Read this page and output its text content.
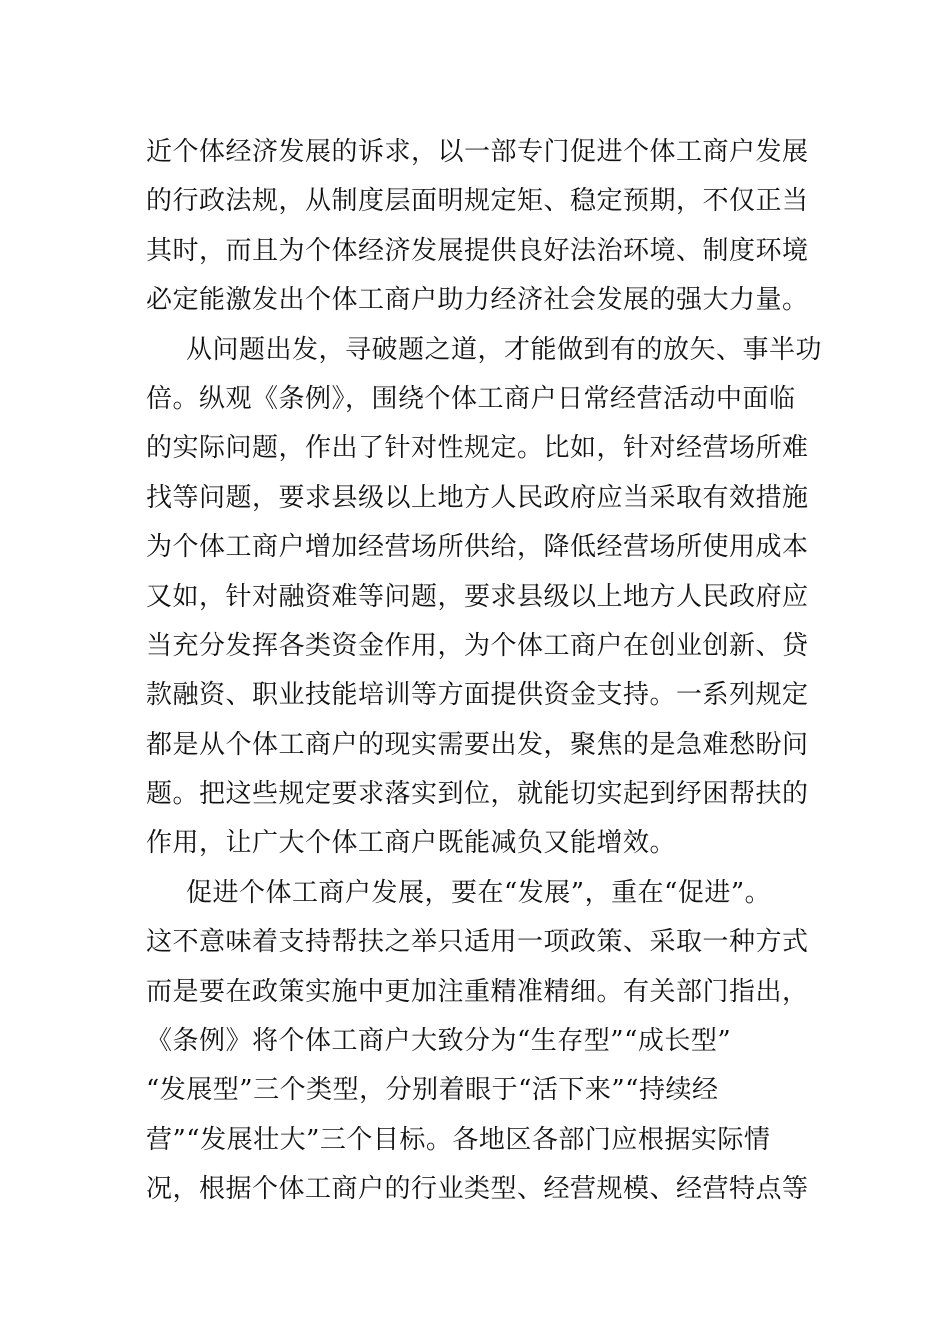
近个体经济发展的诉求，以一部专门促进个体工商户发展
的行政法规，从制度层面明规定矩、稳定预期，不仅正当
其时，而且为个体经济发展提供良好法治环境、制度环境
必定能激发出个体工商户助力经济社会发展的强大力量。
从问题出发，寻破题之道，才能做到有的放矢、事半功
倍。纵观《条例》，围绕个体工商户日常经营活动中面临
的实际问题，作出了针对性规定。比如，针对经营场所难
找等问题，要求县级以上地方人民政府应当采取有效措施
为个体工商户增加经营场所供给，降低经营场所使用成本
又如，针对融资难等问题，要求县级以上地方人民政府应
当充分发挥各类资金作用，为个体工商户在创业创新、贷
款融资、职业技能培训等方面提供资金支持。一系列规定
都是从个体工商户的现实需要出发，聚焦的是急难愁盼问
题。把这些规定要求落实到位，就能切实起到纾困帮扶的
作用，让广大个体工商户既能减负又能增效。
促进个体工商户发展，要在“发展”，重在“促进”。
这不意味着支持帮扶之举只适用一项政策、采取一种方式
而是要在政策实施中更加注重精准精细。有关部门指出，
《条例》将个体工商户大致分为“生存型”“成长型”
“发展型”三个类型，分别着眼于“活下来”“持续经
营”“发展壮大”三个目标。各地区各部门应根据实际情
况，根据个体工商户的行业类型、经营规模、经营特点等
